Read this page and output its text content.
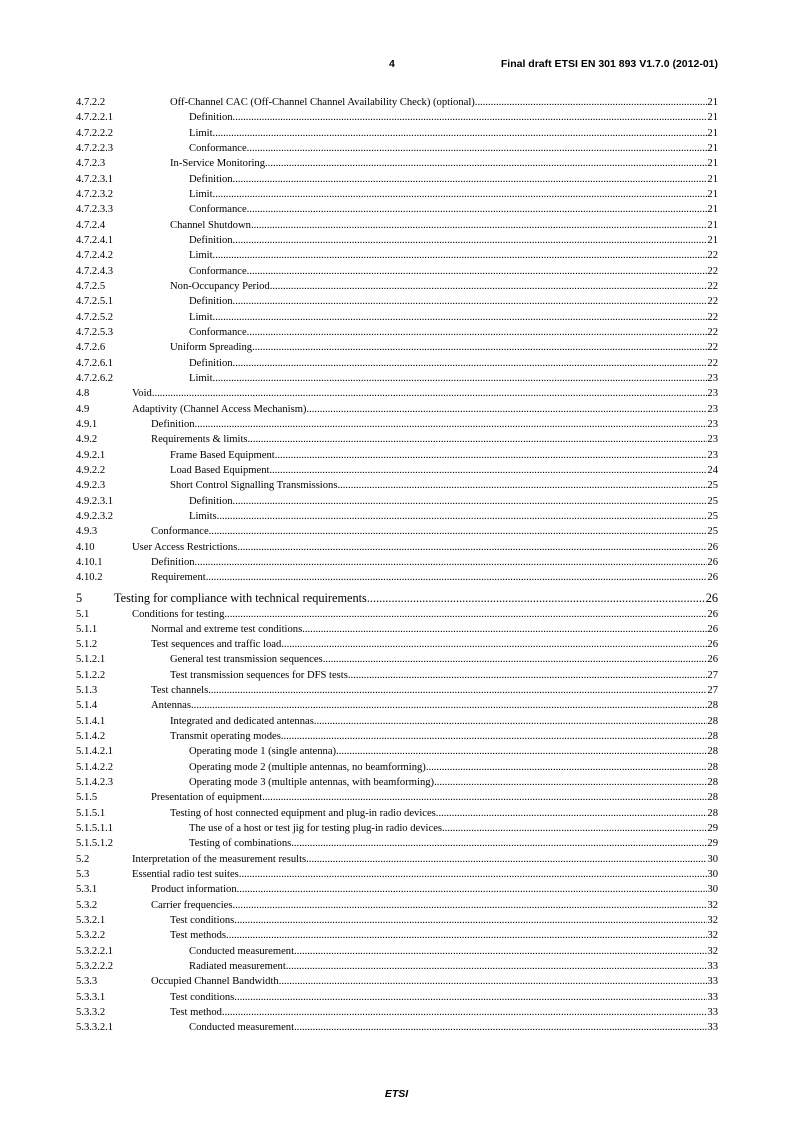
4	Final draft ETSI EN 301 893 V1.7.0 (2012-01)
4.7.2.2	Off-Channel CAC (Off-Channel Channel Availability Check) (optional) .....	21
4.7.2.2.1	Definition .....	21
4.7.2.2.2	Limit .....	21
4.7.2.2.3	Conformance .....	21
4.7.2.3	In-Service Monitoring .....	21
4.7.2.3.1	Definition .....	21
4.7.2.3.2	Limit .....	21
4.7.2.3.3	Conformance .....	21
4.7.2.4	Channel Shutdown .....	21
4.7.2.4.1	Definition .....	21
4.7.2.4.2	Limit .....	22
4.7.2.4.3	Conformance .....	22
4.7.2.5	Non-Occupancy Period .....	22
4.7.2.5.1	Definition .....	22
4.7.2.5.2	Limit .....	22
4.7.2.5.3	Conformance .....	22
4.7.2.6	Uniform Spreading .....	22
4.7.2.6.1	Definition .....	22
4.7.2.6.2	Limit .....	23
4.8	Void .....	23
4.9	Adaptivity (Channel Access Mechanism) .....	23
4.9.1	Definition .....	23
4.9.2	Requirements & limits .....	23
4.9.2.1	Frame Based Equipment .....	23
4.9.2.2	Load Based Equipment .....	24
4.9.2.3	Short Control Signalling Transmissions .....	25
4.9.2.3.1	Definition .....	25
4.9.2.3.2	Limits .....	25
4.9.3	Conformance .....	25
4.10	User Access Restrictions .....	26
4.10.1	Definition .....	26
4.10.2	Requirement .....	26
5	Testing for compliance with technical requirements .....	26
5.1	Conditions for testing .....	26
5.1.1	Normal and extreme test conditions .....	26
5.1.2	Test sequences and traffic load .....	26
5.1.2.1	General test transmission sequences .....	26
5.1.2.2	Test transmission sequences for DFS tests .....	27
5.1.3	Test channels .....	27
5.1.4	Antennas .....	28
5.1.4.1	Integrated and dedicated antennas .....	28
5.1.4.2	Transmit operating modes .....	28
5.1.4.2.1	Operating mode 1 (single antenna) .....	28
5.1.4.2.2	Operating mode 2 (multiple antennas, no beamforming) .....	28
5.1.4.2.3	Operating mode 3 (multiple antennas, with beamforming) .....	28
5.1.5	Presentation of equipment .....	28
5.1.5.1	Testing of host connected equipment and plug-in radio devices .....	28
5.1.5.1.1	The use of a host or test jig for testing plug-in radio devices .....	29
5.1.5.1.2	Testing of combinations .....	29
5.2	Interpretation of the measurement results .....	30
5.3	Essential radio test suites .....	30
5.3.1	Product information .....	30
5.3.2	Carrier frequencies .....	32
5.3.2.1	Test conditions .....	32
5.3.2.2	Test methods .....	32
5.3.2.2.1	Conducted measurement .....	32
5.3.2.2.2	Radiated measurement .....	33
5.3.3	Occupied Channel Bandwidth .....	33
5.3.3.1	Test conditions .....	33
5.3.3.2	Test method .....	33
5.3.3.2.1	Conducted measurement .....	33
ETSI
